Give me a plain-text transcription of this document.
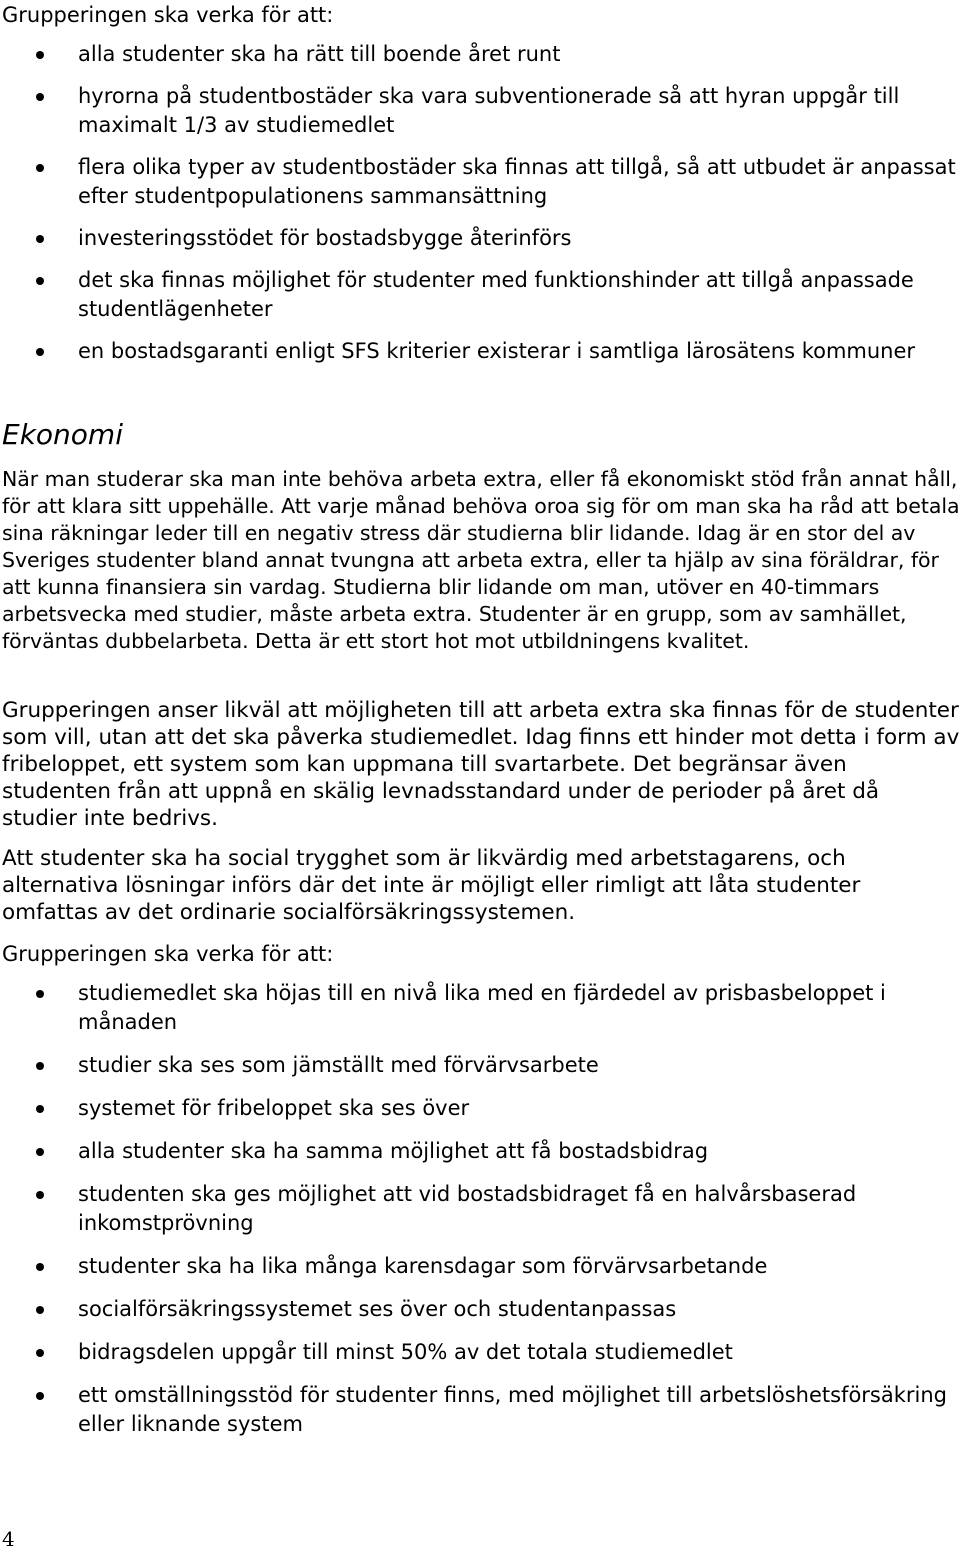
Grupperingen ska verka för att:
alla studenter ska ha rätt till boende året runt
hyrorna på studentbostäder ska vara subventionerade så att hyran uppgår till maximalt 1/3 av studiemedlet
flera olika typer av studentbostäder ska finnas att tillgå, så att utbudet är anpassat efter studentpopulationens sammansättning
investeringsstödet för bostadsbygge återinförs
det ska finnas möjlighet för studenter med funktionshinder att tillgå anpassade studentlägenheter
en bostadsgaranti enligt SFS kriterier existerar i samtliga lärosätens kommuner
Ekonomi

När man studerar ska man inte behöva arbeta extra, eller få ekonomiskt stöd från annat håll, för att klara sitt uppehälle. Att varje månad behöva oroa sig för om man ska ha råd att betala sina räkningar leder till en negativ stress där studierna blir lidande. Idag är en stor del av Sveriges studenter bland annat tvungna att arbeta extra, eller ta hjälp av sina föräldrar, för att kunna finansiera sin vardag. Studierna blir lidande om man, utöver en 40-timmars arbetsvecka med studier, måste arbeta extra. Studenter är en grupp, som av samhället, förväntas dubbelarbeta. Detta är ett stort hot mot utbildningens kvalitet.

Grupperingen anser likväl att möjligheten till att arbeta extra ska finnas för de studenter som vill, utan att det ska påverka studiemedlet. Idag finns ett hinder mot detta i form av fribeloppet, ett system som kan uppmana till svartarbete. Det begränsar även studenten från att uppnå en skälig levnadsstandard under de perioder på året då studier inte bedrivs.

Att studenter ska ha social trygghet som är likvärdig med arbetstagarens, och alternativa lösningar införs där det inte är möjligt eller rimligt att låta studenter omfattas av det ordinarie socialförsäkringssystemen.

Grupperingen ska verka för att:
studiemedlet ska höjas till en nivå lika med en fjärdedel av prisbasbeloppet i månaden
studier ska ses som jämställt med förvärvsarbete
systemet för fribeloppet ska ses över
alla studenter ska ha samma möjlighet att få bostadsbidrag
studenten ska ges möjlighet att vid bostadsbidraget få en halvårsbaserad inkomstprövning
studenter ska ha lika många karensdagar som förvärvsarbetande
socialförsäkringssystemet ses över och studentanpassas
bidragsdelen uppgår till minst 50% av det totala studiemedlet
ett omställningsstöd för studenter finns, med möjlighet till arbetslöshetsförsäkring eller liknande system
4
